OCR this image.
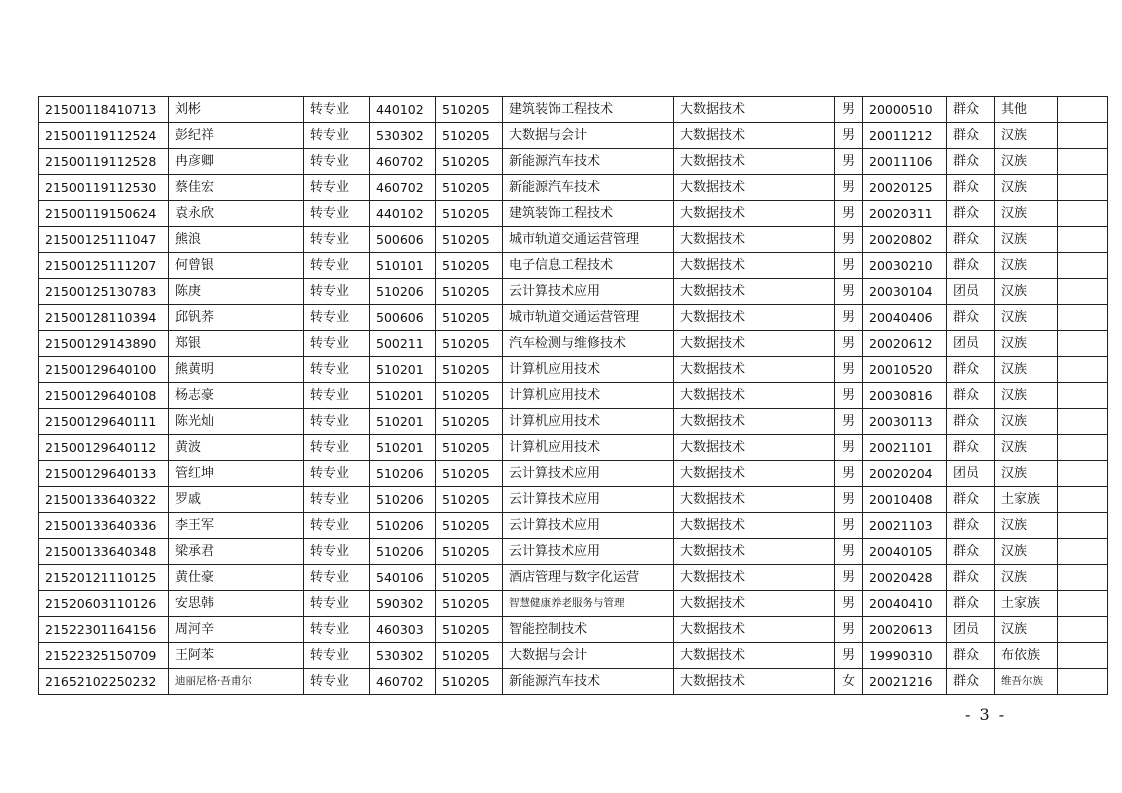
21500118410713	刘彬	转专业	440102	510205	建筑装饰工程技术	大数据技术	男	20000510	群众	其他	
21500119112524	彭纪祥	转专业	530302	510205	大数据与会计	大数据技术	男	20011212	群众	汉族	
21500119112528	冉彦卿	转专业	460702	510205	新能源汽车技术	大数据技术	男	20011106	群众	汉族	
21500119112530	蔡佳宏	转专业	460702	510205	新能源汽车技术	大数据技术	男	20020125	群众	汉族	
21500119150624	袁永欣	转专业	440102	510205	建筑装饰工程技术	大数据技术	男	20020311	群众	汉族	
21500125111047	熊浪	转专业	500606	510205	城市轨道交通运营管理	大数据技术	男	20020802	群众	汉族	
21500125111207	何曾银	转专业	510101	510205	电子信息工程技术	大数据技术	男	20030210	群众	汉族	
21500125130783	陈庚	转专业	510206	510205	云计算技术应用	大数据技术	男	20030104	团员	汉族	
21500128110394	邱钒荞	转专业	500606	510205	城市轨道交通运营管理	大数据技术	男	20040406	群众	汉族	
21500129143890	郑银	转专业	500211	510205	汽车检测与维修技术	大数据技术	男	20020612	团员	汉族	
21500129640100	熊黄明	转专业	510201	510205	计算机应用技术	大数据技术	男	20010520	群众	汉族	
21500129640108	杨志豪	转专业	510201	510205	计算机应用技术	大数据技术	男	20030816	群众	汉族	
21500129640111	陈光灿	转专业	510201	510205	计算机应用技术	大数据技术	男	20030113	群众	汉族	
21500129640112	黄波	转专业	510201	510205	计算机应用技术	大数据技术	男	20021101	群众	汉族	
21500129640133	管红坤	转专业	510206	510205	云计算技术应用	大数据技术	男	20020204	团员	汉族	
21500133640322	罗戚	转专业	510206	510205	云计算技术应用	大数据技术	男	20010408	群众	土家族	
21500133640336	李王军	转专业	510206	510205	云计算技术应用	大数据技术	男	20021103	群众	汉族	
21500133640348	梁承君	转专业	510206	510205	云计算技术应用	大数据技术	男	20040105	群众	汉族	
21520121110125	黄仕豪	转专业	540106	510205	酒店管理与数字化运营	大数据技术	男	20020428	群众	汉族	
21520603110126	安思韩	转专业	590302	510205	智慧健康养老服务与管理	大数据技术	男	20040410	群众	土家族	
21522301164156	周河辛	转专业	460303	510205	智能控制技术	大数据技术	男	20020613	团员	汉族	
21522325150709	王阿苯	转专业	530302	510205	大数据与会计	大数据技术	男	19990310	群众	布依族	
21652102250232	迪丽尼格·吾甫尔	转专业	460702	510205	新能源汽车技术	大数据技术	女	20021216	群众	维吾尔族	
- 3 -
